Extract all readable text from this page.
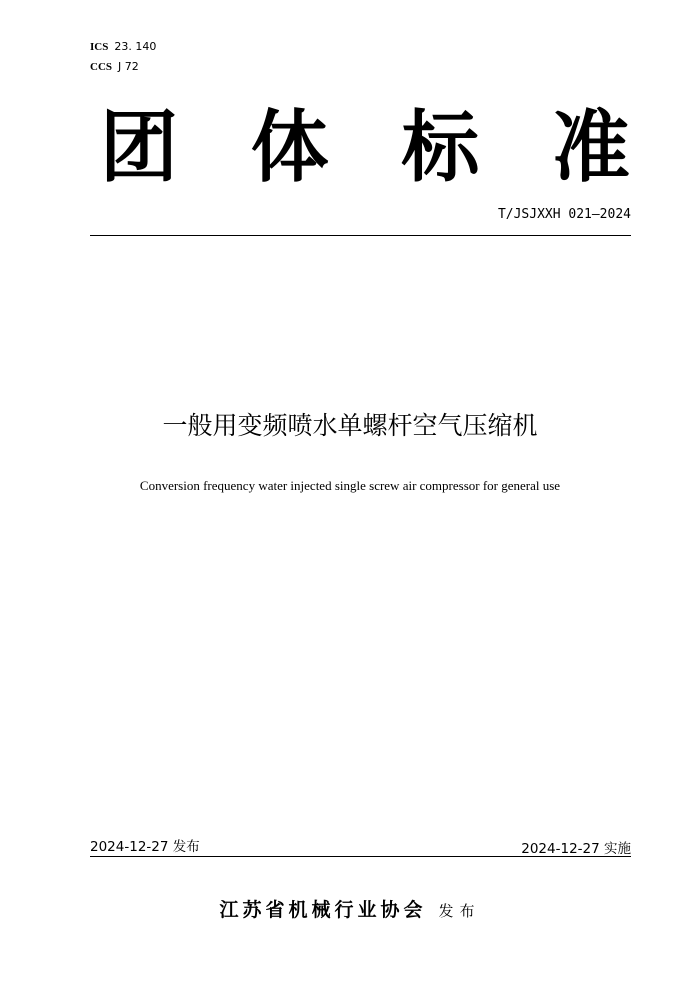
ICS 23. 140
CCS J 72
团 体 标 准
T/JSJXXH 021—2024
一般用变频喷水单螺杆空气压缩机
Conversion frequency water injected single screw air compressor for general use
2024-12-27 发布	2024-12-27 实施
江苏省机械行业协会 发布
